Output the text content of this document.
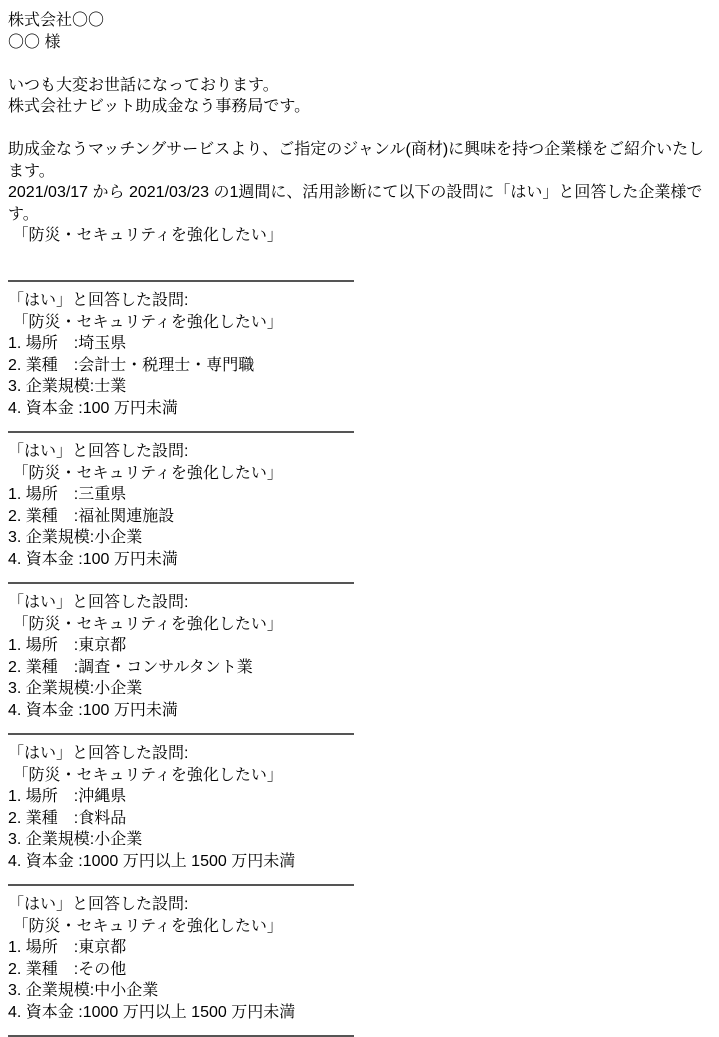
株式会社〇〇
〇〇 様
いつも大変お世話になっております。
株式会社ナビット助成金なう事務局です。
助成金なうマッチングサービスより、ご指定のジャンル(商材)に興味を持つ企業様をご紹介いたします。
2021/03/17 から 2021/03/23 の1週間に、活用診断にて以下の設問に「はい」と回答した企業様です。
「防災・セキュリティを強化したい」
「はい」と回答した設問:
「防災・セキュリティを強化したい」
1. 場所　:埼玉県
2. 業種　:会計士・税理士・専門職
3. 企業規模:士業
4. 資本金 :100 万円未満
「はい」と回答した設問:
「防災・セキュリティを強化したい」
1. 場所　:三重県
2. 業種　:福祉関連施設
3. 企業規模:小企業
4. 資本金 :100 万円未満
「はい」と回答した設問:
「防災・セキュリティを強化したい」
1. 場所　:東京都
2. 業種　:調査・コンサルタント業
3. 企業規模:小企業
4. 資本金 :100 万円未満
「はい」と回答した設問:
「防災・セキュリティを強化したい」
1. 場所　:沖縄県
2. 業種　:食料品
3. 企業規模:小企業
4. 資本金 :1000 万円以上 1500 万円未満
「はい」と回答した設問:
「防災・セキュリティを強化したい」
1. 場所　:東京都
2. 業種　:その他
3. 企業規模:中小企業
4. 資本金 :1000 万円以上 1500 万円未満
